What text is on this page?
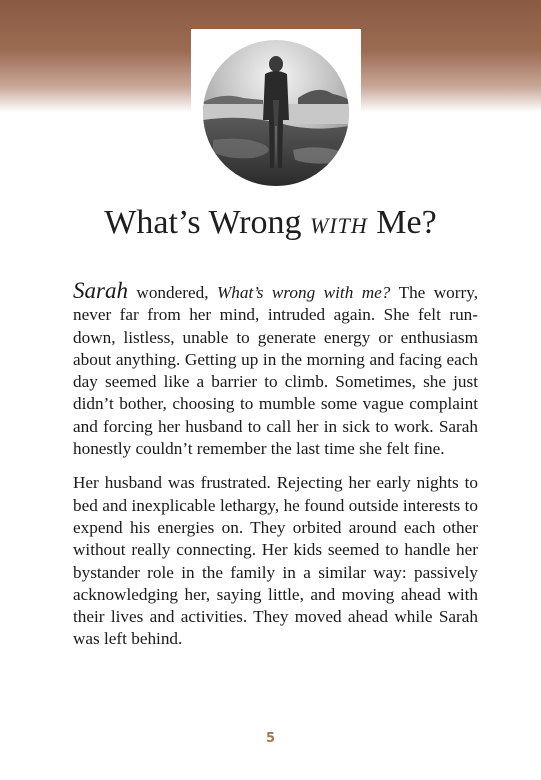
What’s Wrong WITH Me?

Sarah wondered, What’s wrong with me? The worry, never far from her mind, intruded again. She felt run-down, listless, unable to generate energy or enthusiasm about anything. Getting up in the morning and facing each day seemed like a barrier to climb. Sometimes, she just didn’t bother, choosing to mumble some vague complaint and forcing her husband to call her in sick to work. Sarah honestly couldn’t remember the last time she felt fine.

Her husband was frustrated. Rejecting her early nights to bed and inexplicable lethargy, he found outside interests to expend his energies on. They orbited around each other without really connecting. Her kids seemed to handle her bystander role in the family in a similar way: passively acknowledging her, saying little, and moving ahead with their lives and activities. They moved ahead while Sarah was left behind.

5
